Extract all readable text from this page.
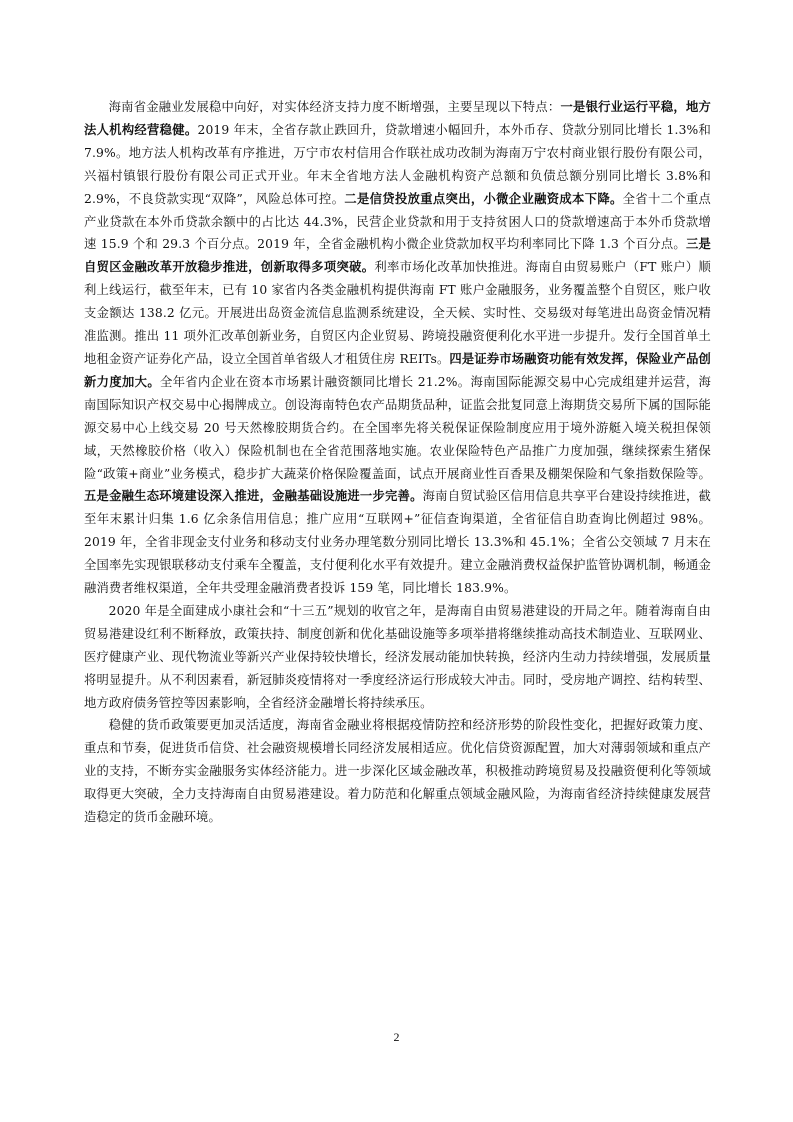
海南省金融业发展稳中向好，对实体经济支持力度不断增强，主要呈现以下特点：一是银行业运行平稳，地方法人机构经营稳健。2019 年末，全省存款止跌回升，贷款增速小幅回升，本外币存、贷款分别同比增长 1.3%和 7.9%。地方法人机构改革有序推进，万宁市农村信用合作联社成功改制为海南万宁农村商业银行股份有限公司，兴福村镇银行股份有限公司正式开业。年末全省地方法人金融机构资产总额和负债总额分别同比增长 3.8%和 2.9%，不良贷款实现“双降”，风险总体可控。二是信贷投放重点突出，小微企业融资成本下降。全省十二个重点产业贷款在本外币贷款余额中的占比达 44.3%，民营企业贷款和用于支持贫困人口的贷款增速高于本外币贷款增速 15.9 个和 29.3 个百分点。2019 年，全省金融机构小微企业贷款加权平均利率同比下降 1.3 个百分点。三是自贸区金融改革开放稳步推进，创新取得多项突破。利率市场化改革加快推进。海南自由贸易账户（FT 账户）顺利上线运行，截至年末，已有 10 家省内各类金融机构提供海南 FT 账户金融服务，业务覆盖整个自贸区，账户收支金额达 138.2 亿元。开展进出岛资金流信息监测系统建设，全天候、实时性、交易级对每笔进出岛资金情况精准监测。推出 11 项外汇改革创新业务，自贸区内企业贸易、跨境投融资便利化水平进一步提升。发行全国首单土地租金资产证券化产品，设立全国首单省级人才租赁住房 REITs。四是证券市场融资功能有效发挥，保险业产品创新力度加大。全年省内企业在资本市场累计融资额同比增长 21.2%。海南国际能源交易中心完成组建并运营，海南国际知识产权交易中心揭牌成立。创设海南特色农产品期货品种，证监会批复同意上海期货交易所下属的国际能源交易中心上线交易 20 号天然橡胶期货合约。在全国率先将关税保证保险制度应用于境外游艇入境关税担保领域，天然橡胶价格（收入）保险机制也在全省范围落地实施。农业保险特色产品推广力度加强，继续探索生猪保险“政策+商业”业务模式，稳步扩大蔬菜价格保险覆盖面，试点开展商业性百香果及棚架保险和气象指数保险等。五是金融生态环境建设深入推进，金融基础设施进一步完善。海南自贸试验区信用信息共享平台建设持续推进，截至年末累计归集 1.6 亿余条信用信息；推广应用“互联网+”征信查询渠道，全省征信自助查询比例超过 98%。2019 年，全省非现金支付业务和移动支付业务办理笔数分别同比增长 13.3%和 45.1%；全省公交领域 7 月末在全国率先实现银联移动支付乘车全覆盖，支付便利化水平有效提升。建立金融消费权益保护监管协调机制，畅通金融消费者维权渠道，全年共受理金融消费者投诉 159 笔，同比增长 183.9%。

2020 年是全面建成小康社会和“十三五”规划的收官之年，是海南自由贸易港建设的开局之年。随着海南自由贸易港建设红利不断释放，政策扶持、制度创新和优化基础设施等多项举措将继续推动高技术制造业、互联网业、医疗健康产业、现代物流业等新兴产业保持较快增长，经济发展动能加快转换，经济内生动力持续增强，发展质量将明显提升。从不利因素看，新冠肺炎疫情将对一季度经济运行形成较大冲击。同时，受房地产调控、结构转型、地方政府债务管控等因素影响，全省经济金融增长将持续承压。

稳健的货币政策要更加灵活适度，海南省金融业将根据疫情防控和经济形势的阶段性变化，把握好政策力度、重点和节奏，促进货币信贷、社会融资规模增长同经济发展相适应。优化信贷资源配置，加大对薄弱领域和重点产业的支持，不断夯实金融服务实体经济能力。进一步深化区域金融改革，积极推动跨境贸易及投融资便利化等领域取得更大突破，全力支持海南自由贸易港建设。着力防范和化解重点领域金融风险，为海南省经济持续健康发展营造稳定的货币金融环境。

2
